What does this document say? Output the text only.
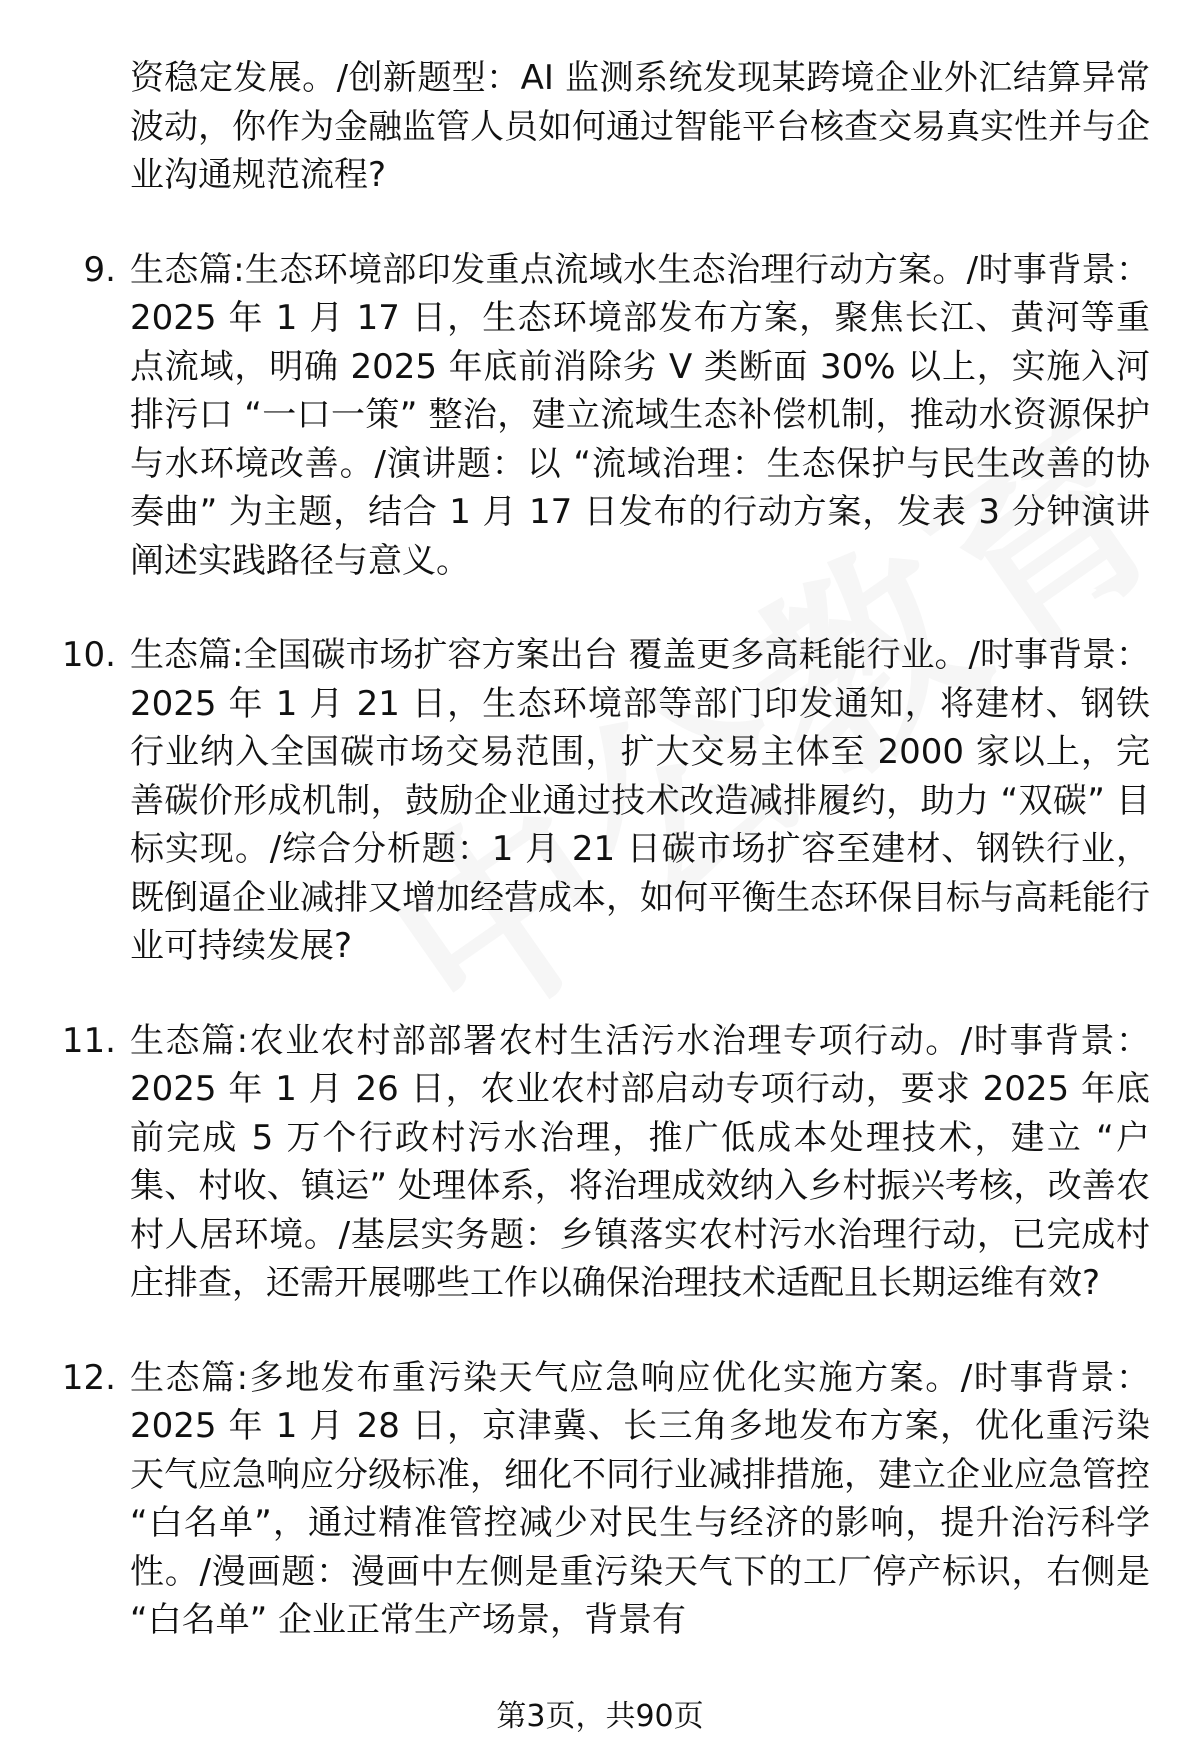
资稳定发展。/创新题型：AI 监测系统发现某跨境企业外汇结算异常波动，你作为金融监管人员如何通过智能平台核查交易真实性并与企业沟通规范流程?
9. 生态篇:生态环境部印发重点流域水生态治理行动方案。/时事背景：2025 年 1 月 17 日，生态环境部发布方案，聚焦长江、黄河等重点流域，明确 2025 年底前消除劣 V 类断面 30% 以上，实施入河排污口 “一口一策” 整治，建立流域生态补偿机制，推动水资源保护与水环境改善。/演讲题：以 “流域治理：生态保护与民生改善的协奏曲” 为主题，结合 1 月 17 日发布的行动方案，发表 3 分钟演讲阐述实践路径与意义。
10. 生态篇:全国碳市场扩容方案出台 覆盖更多高耗能行业。/时事背景：2025 年 1 月 21 日，生态环境部等部门印发通知，将建材、钢铁行业纳入全国碳市场交易范围，扩大交易主体至 2000 家以上，完善碳价形成机制，鼓励企业通过技术改造减排履约，助力 “双碳” 目标实现。/综合分析题：1 月 21 日碳市场扩容至建材、钢铁行业，既倒逼企业减排又增加经营成本，如何平衡生态环保目标与高耗能行业可持续发展?
11. 生态篇:农业农村部部署农村生活污水治理专项行动。/时事背景：2025 年 1 月 26 日，农业农村部启动专项行动，要求 2025 年底前完成 5 万个行政村污水治理，推广低成本处理技术，建立 “户集、村收、镇运” 处理体系，将治理成效纳入乡村振兴考核，改善农村人居环境。/基层实务题：乡镇落实农村污水治理行动，已完成村庄排查，还需开展哪些工作以确保治理技术适配且长期运维有效?
12. 生态篇:多地发布重污染天气应急响应优化实施方案。/时事背景：2025 年 1 月 28 日，京津冀、长三角多地发布方案，优化重污染天气应急响应分级标准，细化不同行业减排措施，建立企业应急管控 “白名单”，通过精准管控减少对民生与经济的影响，提升治污科学性。/漫画题：漫画中左侧是重污染天气下的工厂停产标识，右侧是 “白名单” 企业正常生产场景，背景有
第3页，共90页
